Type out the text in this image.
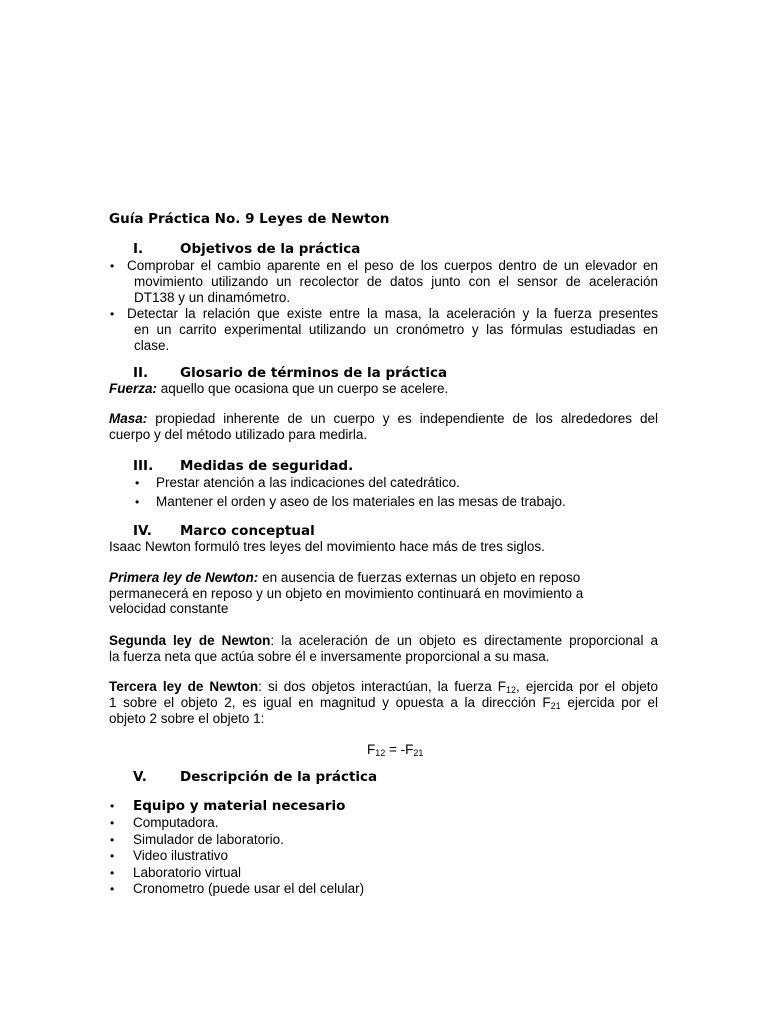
Guía Práctica No. 9 Leyes de Newton
I.	Objetivos de la práctica
• Comprobar el cambio aparente en el peso de los cuerpos dentro de un elevador en
movimiento utilizando un recolector de datos junto con el sensor de aceleración
DT138 y un dinamómetro.
• Detectar la relación que existe entre la masa, la aceleración y la fuerza presentes
en un carrito experimental utilizando un cronómetro y las fórmulas estudiadas en
clase.
II. Glosario de términos de la práctica
Fuerza: aquello que ocasiona que un cuerpo se acelere.
Masa: propiedad inherente de un cuerpo y es independiente de los alrededores del
cuerpo y del método utilizado para medirla.
III. Medidas de seguridad.
• Prestar atención a las indicaciones del catedrático.
• Mantener el orden y aseo de los materiales en las mesas de trabajo.
IV. Marco conceptual
Isaac Newton formuló tres leyes del movimiento hace más de tres siglos.
Primera ley de Newton: en ausencia de fuerzas externas un objeto en reposo
permanecerá en reposo y un objeto en movimiento continuará en movimiento a
velocidad constante
Segunda ley de Newton: la aceleración de un objeto es directamente proporcional a
la fuerza neta que actúa sobre él e inversamente proporcional a su masa.
Tercera ley de Newton: si dos objetos interactúan, la fuerza $F_{12}$, ejercida por el objeto
1 sobre el objeto 2, es igual en magnitud y opuesta a la dirección $F_{21}$ ejercida por el
objeto 2 sobre el objeto 1:
$F_{12} = -F_{21}$
V. Descripción de la práctica
• Equipo y material necesario
• Computadora.
• Simulador de laboratorio.
• Video ilustrativo
• Laboratorio virtual
• Cronometro (puede usar el del celular)
